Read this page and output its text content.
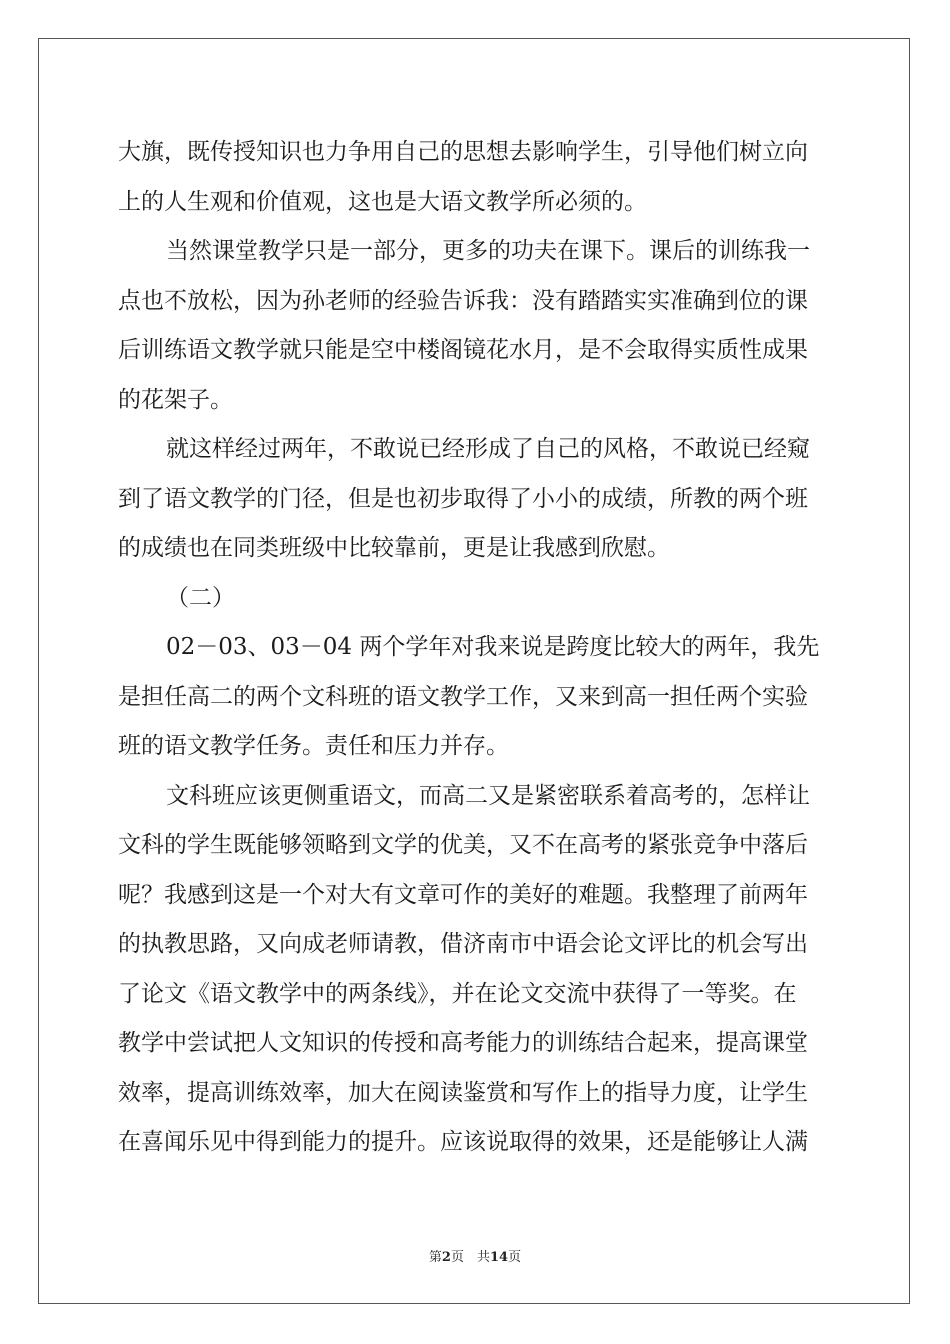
大旗，既传授知识也力争用自己的思想去影响学生，引导他们树立向
上的人生观和价值观，这也是大语文教学所必须的。
当然课堂教学只是一部分，更多的功夫在课下。课后的训练我一
点也不放松，因为孙老师的经验告诉我：没有踏踏实实准确到位的课
后训练语文教学就只能是空中楼阁镜花水月，是不会取得实质性成果
的花架子。
就这样经过两年，不敢说已经形成了自己的风格，不敢说已经窥
到了语文教学的门径，但是也初步取得了小小的成绩，所教的两个班
的成绩也在同类班级中比较靠前，更是让我感到欣慰。
（二）
02－03、03－04 两个学年对我来说是跨度比较大的两年，我先
是担任高二的两个文科班的语文教学工作，又来到高一担任两个实验
班的语文教学任务。责任和压力并存。
文科班应该更侧重语文，而高二又是紧密联系着高考的，怎样让
文科的学生既能够领略到文学的优美，又不在高考的紧张竞争中落后
呢？我感到这是一个对大有文章可作的美好的难题。我整理了前两年
的执教思路，又向成老师请教，借济南市中语会论文评比的机会写出
了论文《语文教学中的两条线》，并在论文交流中获得了一等奖。在
教学中尝试把人文知识的传授和高考能力的训练结合起来，提高课堂
效率，提高训练效率，加大在阅读鉴赏和写作上的指导力度，让学生
在喜闻乐见中得到能力的提升。应该说取得的效果，还是能够让人满
第2页　共14页
